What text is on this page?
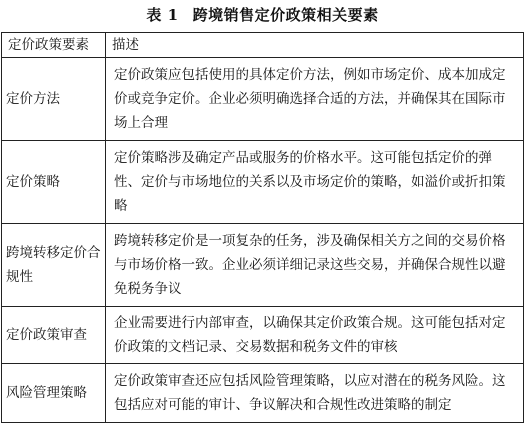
表 1 跨境销售定价政策相关要素
定价政策要素	描述
定价方法	定价政策应包括使用的具体定价方法，例如市场定价、成本加成定价或竞争定价。企业必须明确选择合适的方法，并确保其在国际市场上合理
定价策略	定价策略涉及确定产品或服务的价格水平。这可能包括定价的弹性、定价与市场地位的关系以及市场定价的策略，如溢价或折扣策略
跨境转移定价合规性	跨境转移定价是一项复杂的任务，涉及确保相关方之间的交易价格与市场价格一致。企业必须详细记录这些交易，并确保合规性以避免税务争议
定价政策审查	企业需要进行内部审查，以确保其定价政策合规。这可能包括对定价政策的文档记录、交易数据和税务文件的审核
风险管理策略	定价政策审查还应包括风险管理策略，以应对潜在的税务风险。这包括应对可能的审计、争议解决和合规性改进策略的制定
